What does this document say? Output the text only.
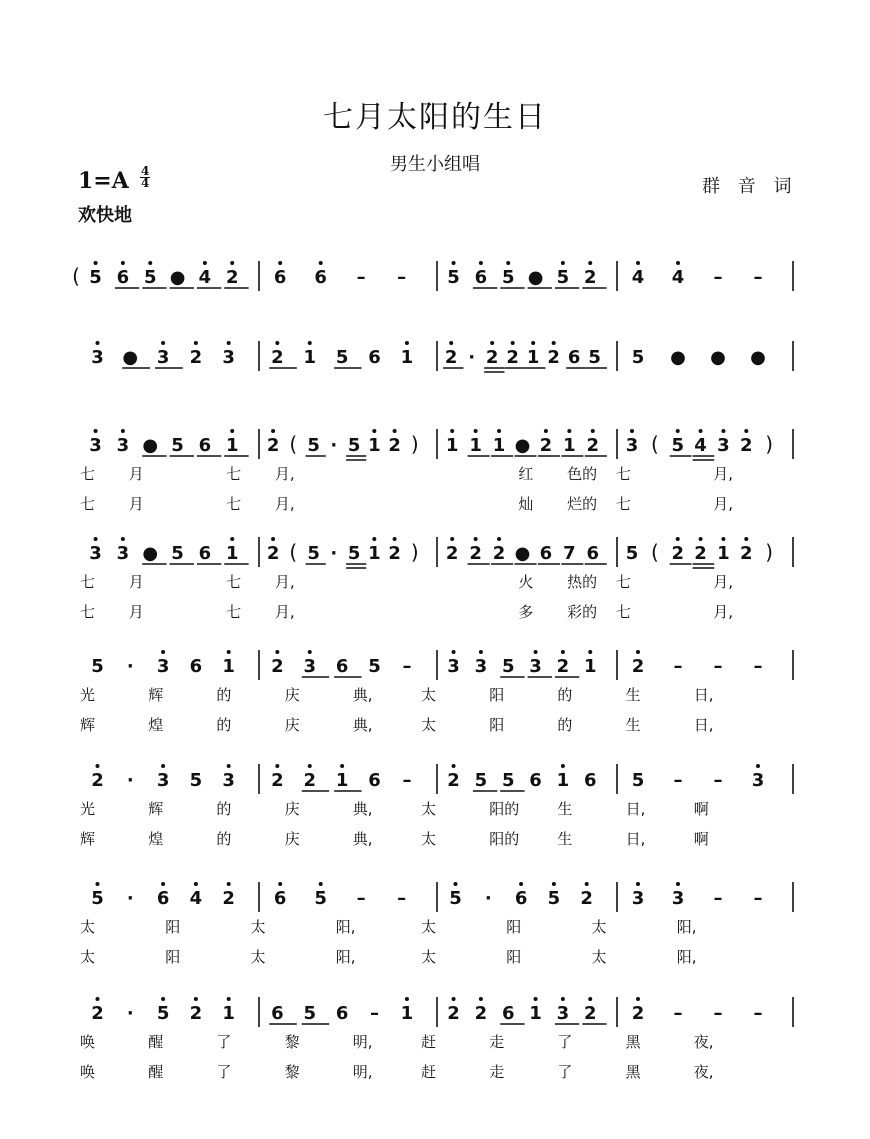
七月太阳的生日
男生小组唱
1=A 4
4
欢快地
群 音 词
5 6 5 ● 4 2
(	6 6 – – 5 6 5 ● 5 2 4 4 – –
3 ● 3 2 3 2 1 5 6 1 2 · 2 2 1 2 6 5 5 ● ● ●
3 3 ● 5 6 1 2 ( 5 · 5 1 2 ) 1 1 1 ● 2 1 2 3 ( 5 4 3 2 )
七 月	七 月,	红 色的 七	月,
七 月	七 月,	灿 烂的 七	月,
3 3 ● 5 6 1 2 ( 5 · 5 1 2 ) 2 2 2 ● 6 7 6 5 ( 2 2 1 2 )
七 月	七 月,	火 热的 七	月,
七 月	七 月,	多 彩的 七	月,
5 · 3 6 1 2 3 6 5 – 3 3 5 3 2 1 2 – – –
光	辉	的	庆	典,	太	阳	的	生	日,
辉	煌	的	庆	典,	太	阳	的	生	日,
2 · 3 5 3 2 2 1 6 – 2 5 5 6 1 6 5 – – 3
光	辉	的	庆	典,	太	阳的	生	日,	啊
辉	煌	的	庆	典,	太	阳的	生	日,	啊
5 · 6 4 2 6 5 – – 5 · 6 5 2 3 3 – –
太	阳	太	阳,	太	阳	太	阳,
太	阳	太	阳,	太	阳	太	阳,
2 · 5 2 1 6 5 6 – 1 2 2 6 1 3 2 2 – – –
唤	醒	了	黎	明,	赶	走	了	黑	夜,
唤	醒	了	黎	明,	赶	走	了	黑	夜,
